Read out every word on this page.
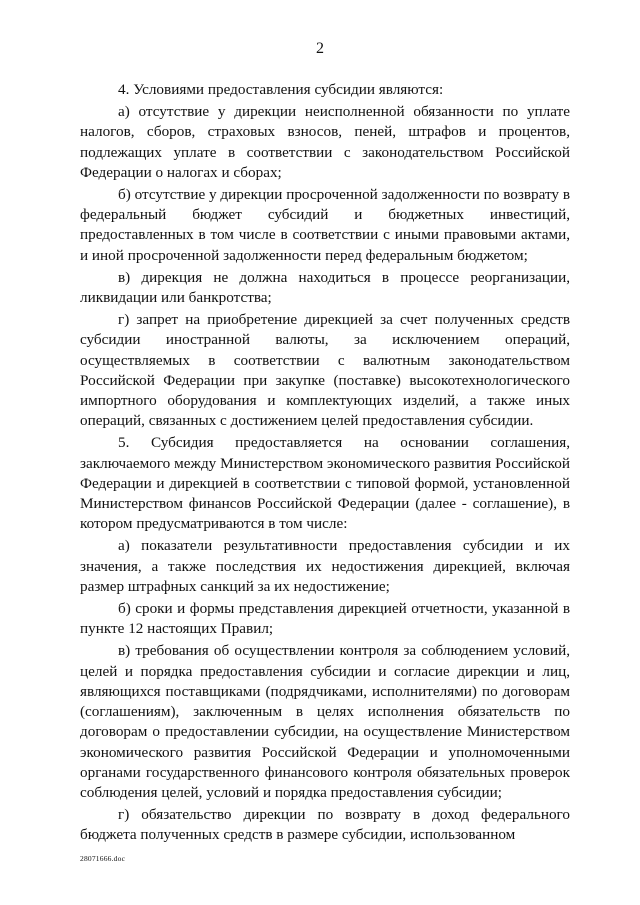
2

4. Условиями предоставления субсидии являются:

а) отсутствие у дирекции неисполненной обязанности по уплате налогов, сборов, страховых взносов, пеней, штрафов и процентов, подлежащих уплате в соответствии с законодательством Российской Федерации о налогах и сборах;

б) отсутствие у дирекции просроченной задолженности по возврату в федеральный бюджет субсидий и бюджетных инвестиций, предоставленных в том числе в соответствии с иными правовыми актами, и иной просроченной задолженности перед федеральным бюджетом;

в) дирекция не должна находиться в процессе реорганизации, ликвидации или банкротства;

г) запрет на приобретение дирекцией за счет полученных средств субсидии иностранной валюты, за исключением операций, осуществляемых в соответствии с валютным законодательством Российской Федерации при закупке (поставке) высокотехнологического импортного оборудования и комплектующих изделий, а также иных операций, связанных с достижением целей предоставления субсидии.

5. Субсидия предоставляется на основании соглашения, заключаемого между Министерством экономического развития Российской Федерации и дирекцией в соответствии с типовой формой, установленной Министерством финансов Российской Федерации (далее - соглашение), в котором предусматриваются в том числе:

а) показатели результативности предоставления субсидии и их значения, а также последствия их недостижения дирекцией, включая размер штрафных санкций за их недостижение;

б) сроки и формы представления дирекцией отчетности, указанной в пункте 12 настоящих Правил;

в) требования об осуществлении контроля за соблюдением условий, целей и порядка предоставления субсидии и согласие дирекции и лиц, являющихся поставщиками (подрядчиками, исполнителями) по договорам (соглашениям), заключенным в целях исполнения обязательств по договорам о предоставлении субсидии, на осуществление Министерством экономического развития Российской Федерации и уполномоченными органами государственного финансового контроля обязательных проверок соблюдения целей, условий и порядка предоставления субсидии;

г) обязательство дирекции по возврату в доход федерального бюджета полученных средств в размере субсидии, использованном

28071666.doc
